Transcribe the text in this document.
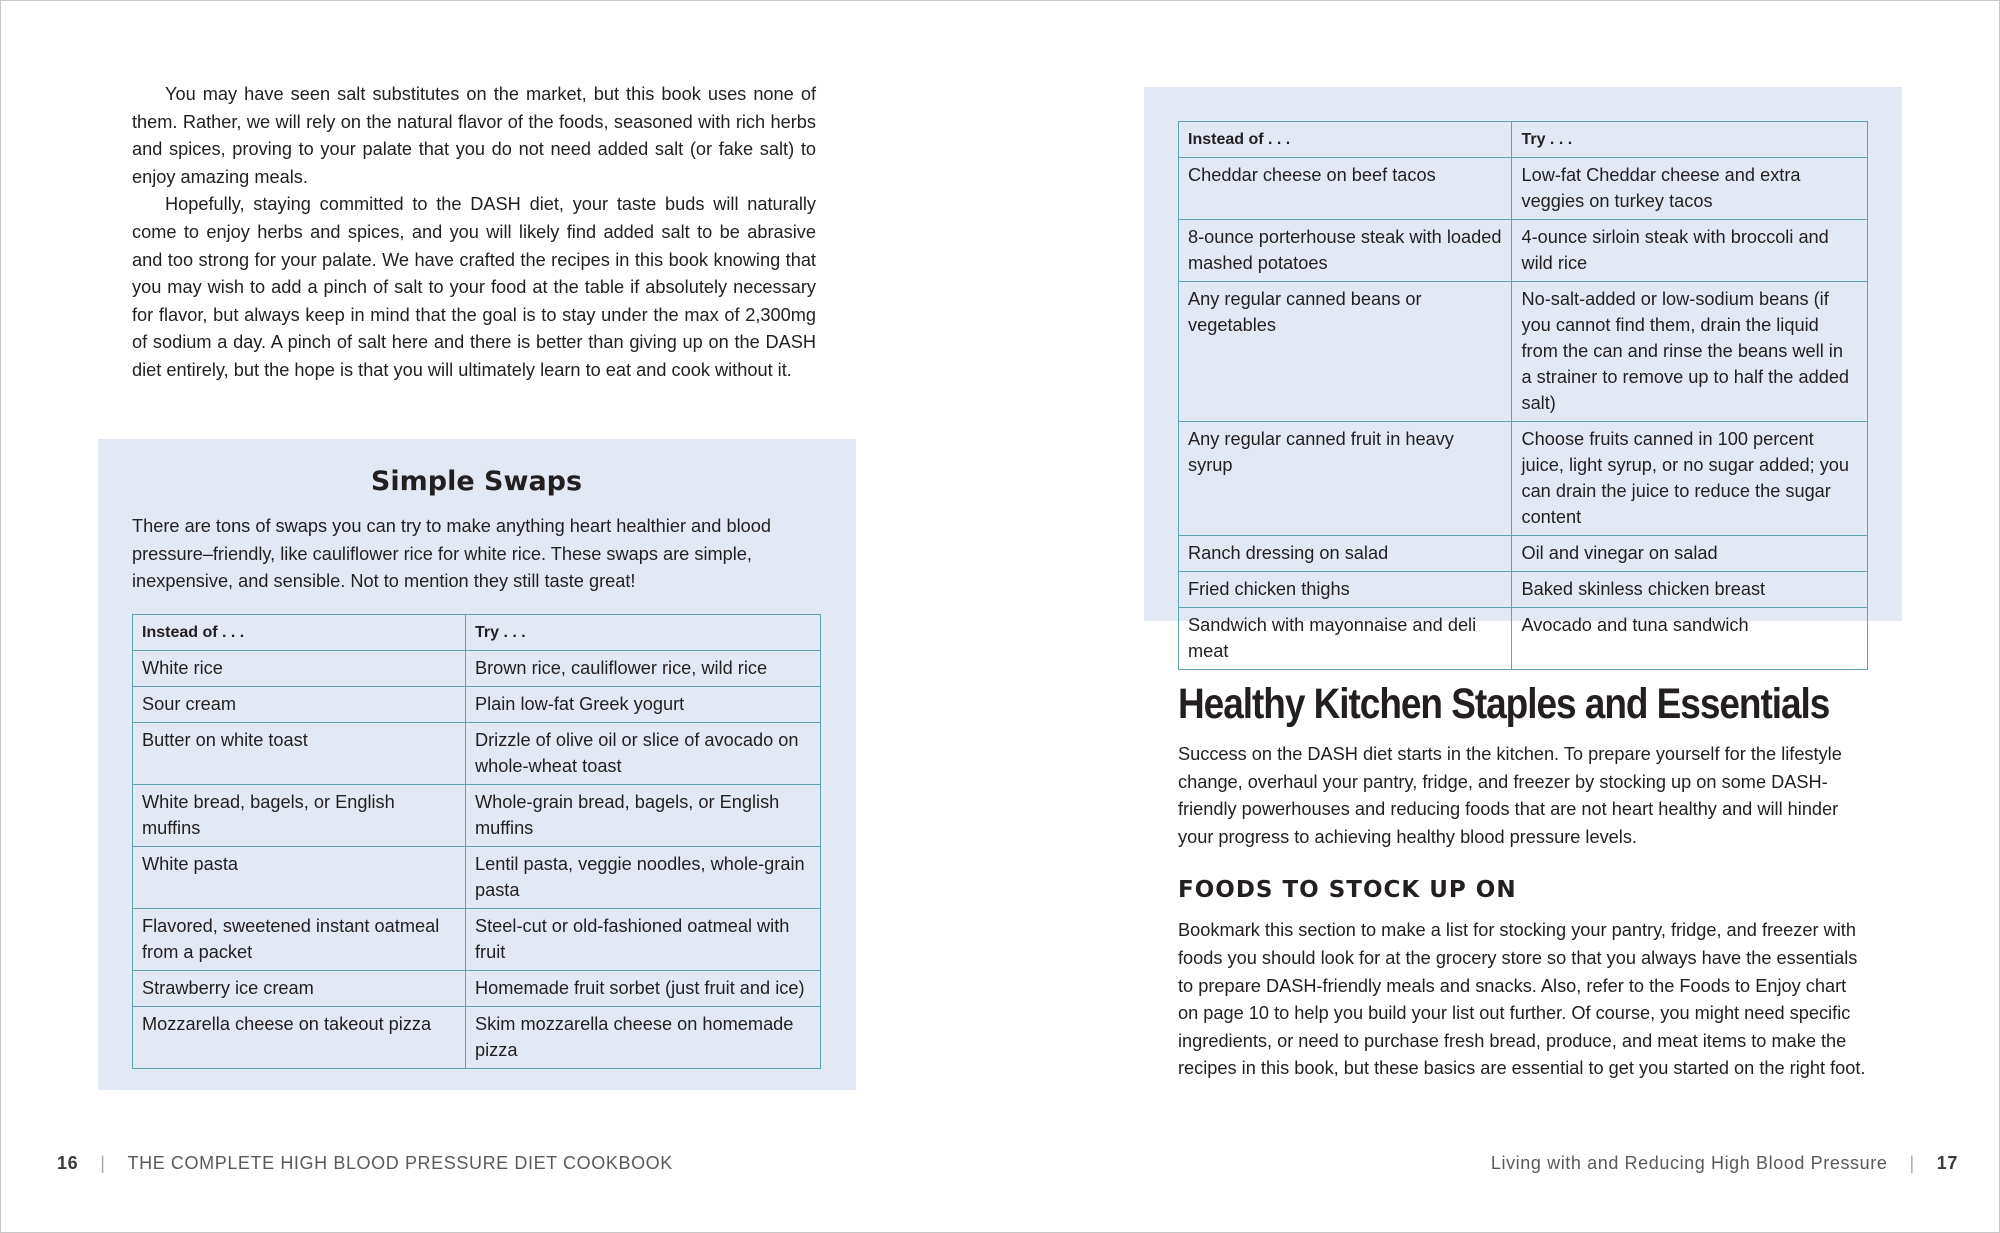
You may have seen salt substitutes on the market, but this book uses none of them. Rather, we will rely on the natural flavor of the foods, seasoned with rich herbs and spices, proving to your palate that you do not need added salt (or fake salt) to enjoy amazing meals.

Hopefully, staying committed to the DASH diet, your taste buds will naturally come to enjoy herbs and spices, and you will likely find added salt to be abrasive and too strong for your palate. We have crafted the recipes in this book knowing that you may wish to add a pinch of salt to your food at the table if absolutely necessary for flavor, but always keep in mind that the goal is to stay under the max of 2,300mg of sodium a day. A pinch of salt here and there is better than giving up on the DASH diet entirely, but the hope is that you will ultimately learn to eat and cook without it.

Simple Swaps

There are tons of swaps you can try to make anything heart healthier and blood pressure–friendly, like cauliflower rice for white rice. These swaps are simple, inexpensive, and sensible. Not to mention they still taste great!

Instead of . . .	Try . . .
White rice	Brown rice, cauliflower rice, wild rice
Sour cream	Plain low-fat Greek yogurt
Butter on white toast	Drizzle of olive oil or slice of avocado on whole-wheat toast
White bread, bagels, or English muffins	Whole-grain bread, bagels, or English muffins
White pasta	Lentil pasta, veggie noodles, whole-grain pasta
Flavored, sweetened instant oatmeal from a packet	Steel-cut or old-fashioned oatmeal with fruit
Strawberry ice cream	Homemade fruit sorbet (just fruit and ice)
Mozzarella cheese on takeout pizza	Skim mozzarella cheese on homemade pizza
16 | THE COMPLETE HIGH BLOOD PRESSURE DIET COOKBOOK
Instead of . . .	Try . . .
Cheddar cheese on beef tacos	Low-fat Cheddar cheese and extra veggies on turkey tacos
8-ounce porterhouse steak with loaded mashed potatoes	4-ounce sirloin steak with broccoli and wild rice
Any regular canned beans or vegetables	No-salt-added or low-sodium beans (if you cannot find them, drain the liquid from the can and rinse the beans well in a strainer to remove up to half the added salt)
Any regular canned fruit in heavy syrup	Choose fruits canned in 100 percent juice, light syrup, or no sugar added; you can drain the juice to reduce the sugar content
Ranch dressing on salad	Oil and vinegar on salad
Fried chicken thighs	Baked skinless chicken breast
Sandwich with mayonnaise and deli meat	Avocado and tuna sandwich
Healthy Kitchen Staples and Essentials

Success on the DASH diet starts in the kitchen. To prepare yourself for the lifestyle change, overhaul your pantry, fridge, and freezer by stocking up on some DASH-friendly powerhouses and reducing foods that are not heart healthy and will hinder your progress to achieving healthy blood pressure levels.

FOODS TO STOCK UP ON

Bookmark this section to make a list for stocking your pantry, fridge, and freezer with foods you should look for at the grocery store so that you always have the essentials to prepare DASH-friendly meals and snacks. Also, refer to the Foods to Enjoy chart on page 10 to help you build your list out further. Of course, you might need specific ingredients, or need to purchase fresh bread, produce, and meat items to make the recipes in this book, but these basics are essential to get you started on the right foot.

Living with and Reducing High Blood Pressure | 17
